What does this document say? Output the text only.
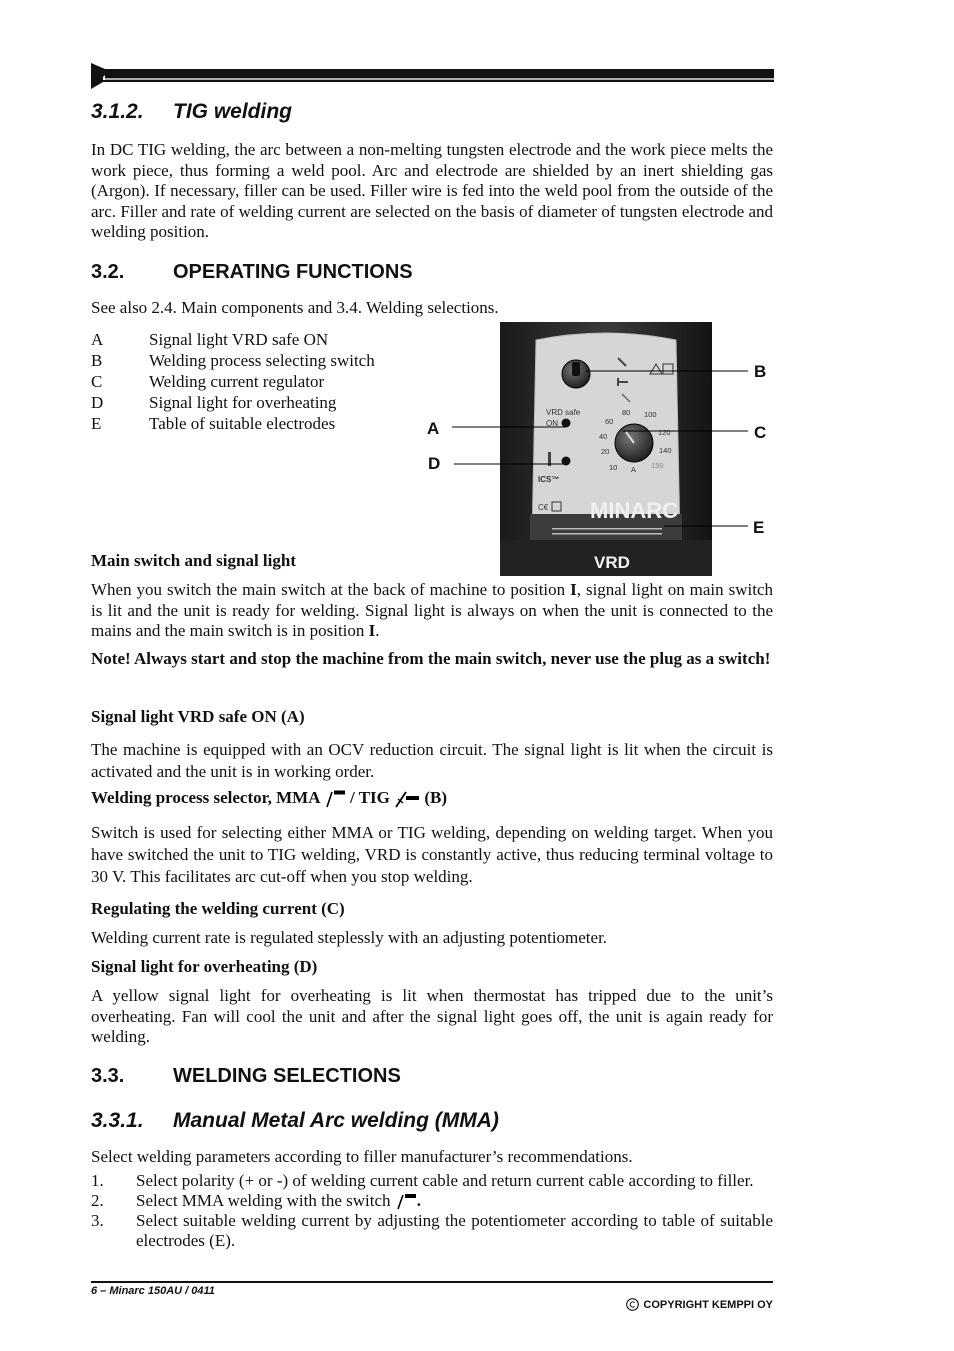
3.1.2. TIG welding

In DC TIG welding, the arc between a non-melting tungsten electrode and the work piece melts the work piece, thus forming a weld pool. Arc and electrode are shielded by an inert shielding gas (Argon). If necessary, filler can be used. Filler wire is fed into the weld pool from the outside of the arc. Filler and rate of welding current are selected on the basis of diameter of tungsten electrode and welding position.

3.2. OPERATING FUNCTIONS

See also 2.4. Main components and 3.4. Welding selections.

A	Signal light VRD safe ON
B	Welding process selecting switch
C	Welding current regulator
D	Signal light for overheating
E	Table of suitable electrodes
VRD safe
ON
ICS™
10
20
40
60
80 100
120
140
150
A
C€ MINARC
VRD
B
A	C
D
E

Main switch and signal light

When you switch the main switch at the back of machine to position I, signal light on main switch is lit and the unit is ready for welding. Signal light is always on when the unit is connected to the mains and the main switch is in position I.

Note! Always start and stop the machine from the main switch, never use the plug as a switch!

Signal light VRD safe ON (A)

The machine is equipped with an OCV reduction circuit. The signal light is lit when the circuit is activated and the unit is in working order.

Welding process selector, MMA / TIG (B)

Switch is used for selecting either MMA or TIG welding, depending on welding target. When you have switched the unit to TIG welding, VRD is constantly active, thus reducing terminal voltage to 30 V. This facilitates arc cut-off when you stop welding.

Regulating the welding current (C)

Welding current rate is regulated steplessly with an adjusting potentiometer.

Signal light for overheating (D)

A yellow signal light for overheating is lit when thermostat has tripped due to the unit’s overheating. Fan will cool the unit and after the signal light goes off, the unit is again ready for welding.

3.3. WELDING SELECTIONS
3.3.1. Manual Metal Arc welding (MMA)

Select welding parameters according to filler manufacturer’s recommendations.

1.	Select polarity (+ or -) of welding current cable and return current cable according to filler.
2.	Select MMA welding with the switch .
3.	Select suitable welding current by adjusting the potentiometer according to table of suitable electrodes (E).
6 – Minarc 150AU / 0411
COPYRIGHT KEMPPI OY
